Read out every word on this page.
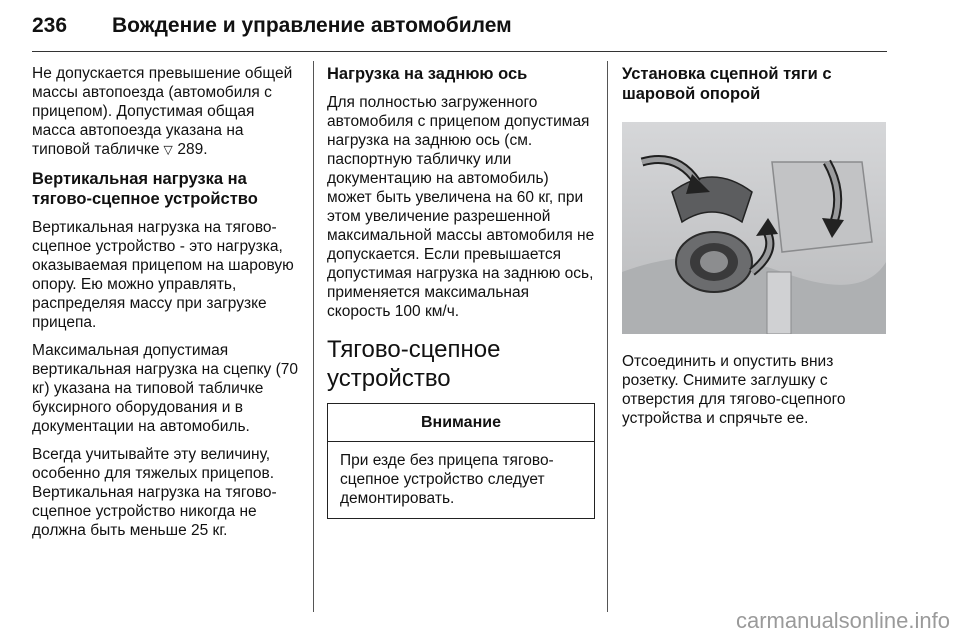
236 Вождение и управление автомобилем

Не допускается превышение общей массы автопоезда (автомобиля с прицепом). Допустимая общая масса автопоезда указана на типовой табличке ▷ 289.

Вертикальная нагрузка на тягово-сцепное устройство

Вертикальная нагрузка на тягово-сцепное устройство - это нагрузка, оказываемая прицепом на шаровую опору. Ею можно управлять, распределяя массу при загрузке прицепа.

Максимальная допустимая вертикальная нагрузка на сцепку (70 кг) указана на типовой табличке буксирного оборудования и в документации на автомобиль.

Всегда учитывайте эту величину, особенно для тяжелых прицепов. Вертикальная нагрузка на тягово-сцепное устройство никогда не должна быть меньше 25 кг.

Нагрузка на заднюю ось

Для полностью загруженного автомобиля с прицепом допустимая нагрузка на заднюю ось (см. паспортную табличку или документацию на автомобиль) может быть увеличена на 60 кг, при этом увеличение разрешенной максимальной массы автомобиля не допускается. Если превышается допустимая нагрузка на заднюю ось, применяется максимальная скорость 100 км/ч.

Тягово-сцепное устройство
Внимание
При езде без прицепа тягово-сцепное устройство следует демонтировать.
Установка сцепной тяги с шаровой опорой

Отсоединить и опустить вниз розетку. Снимите заглушку с отверстия для тягово-сцепного устройства и спрячьте ее.

carmanualsonline.info
